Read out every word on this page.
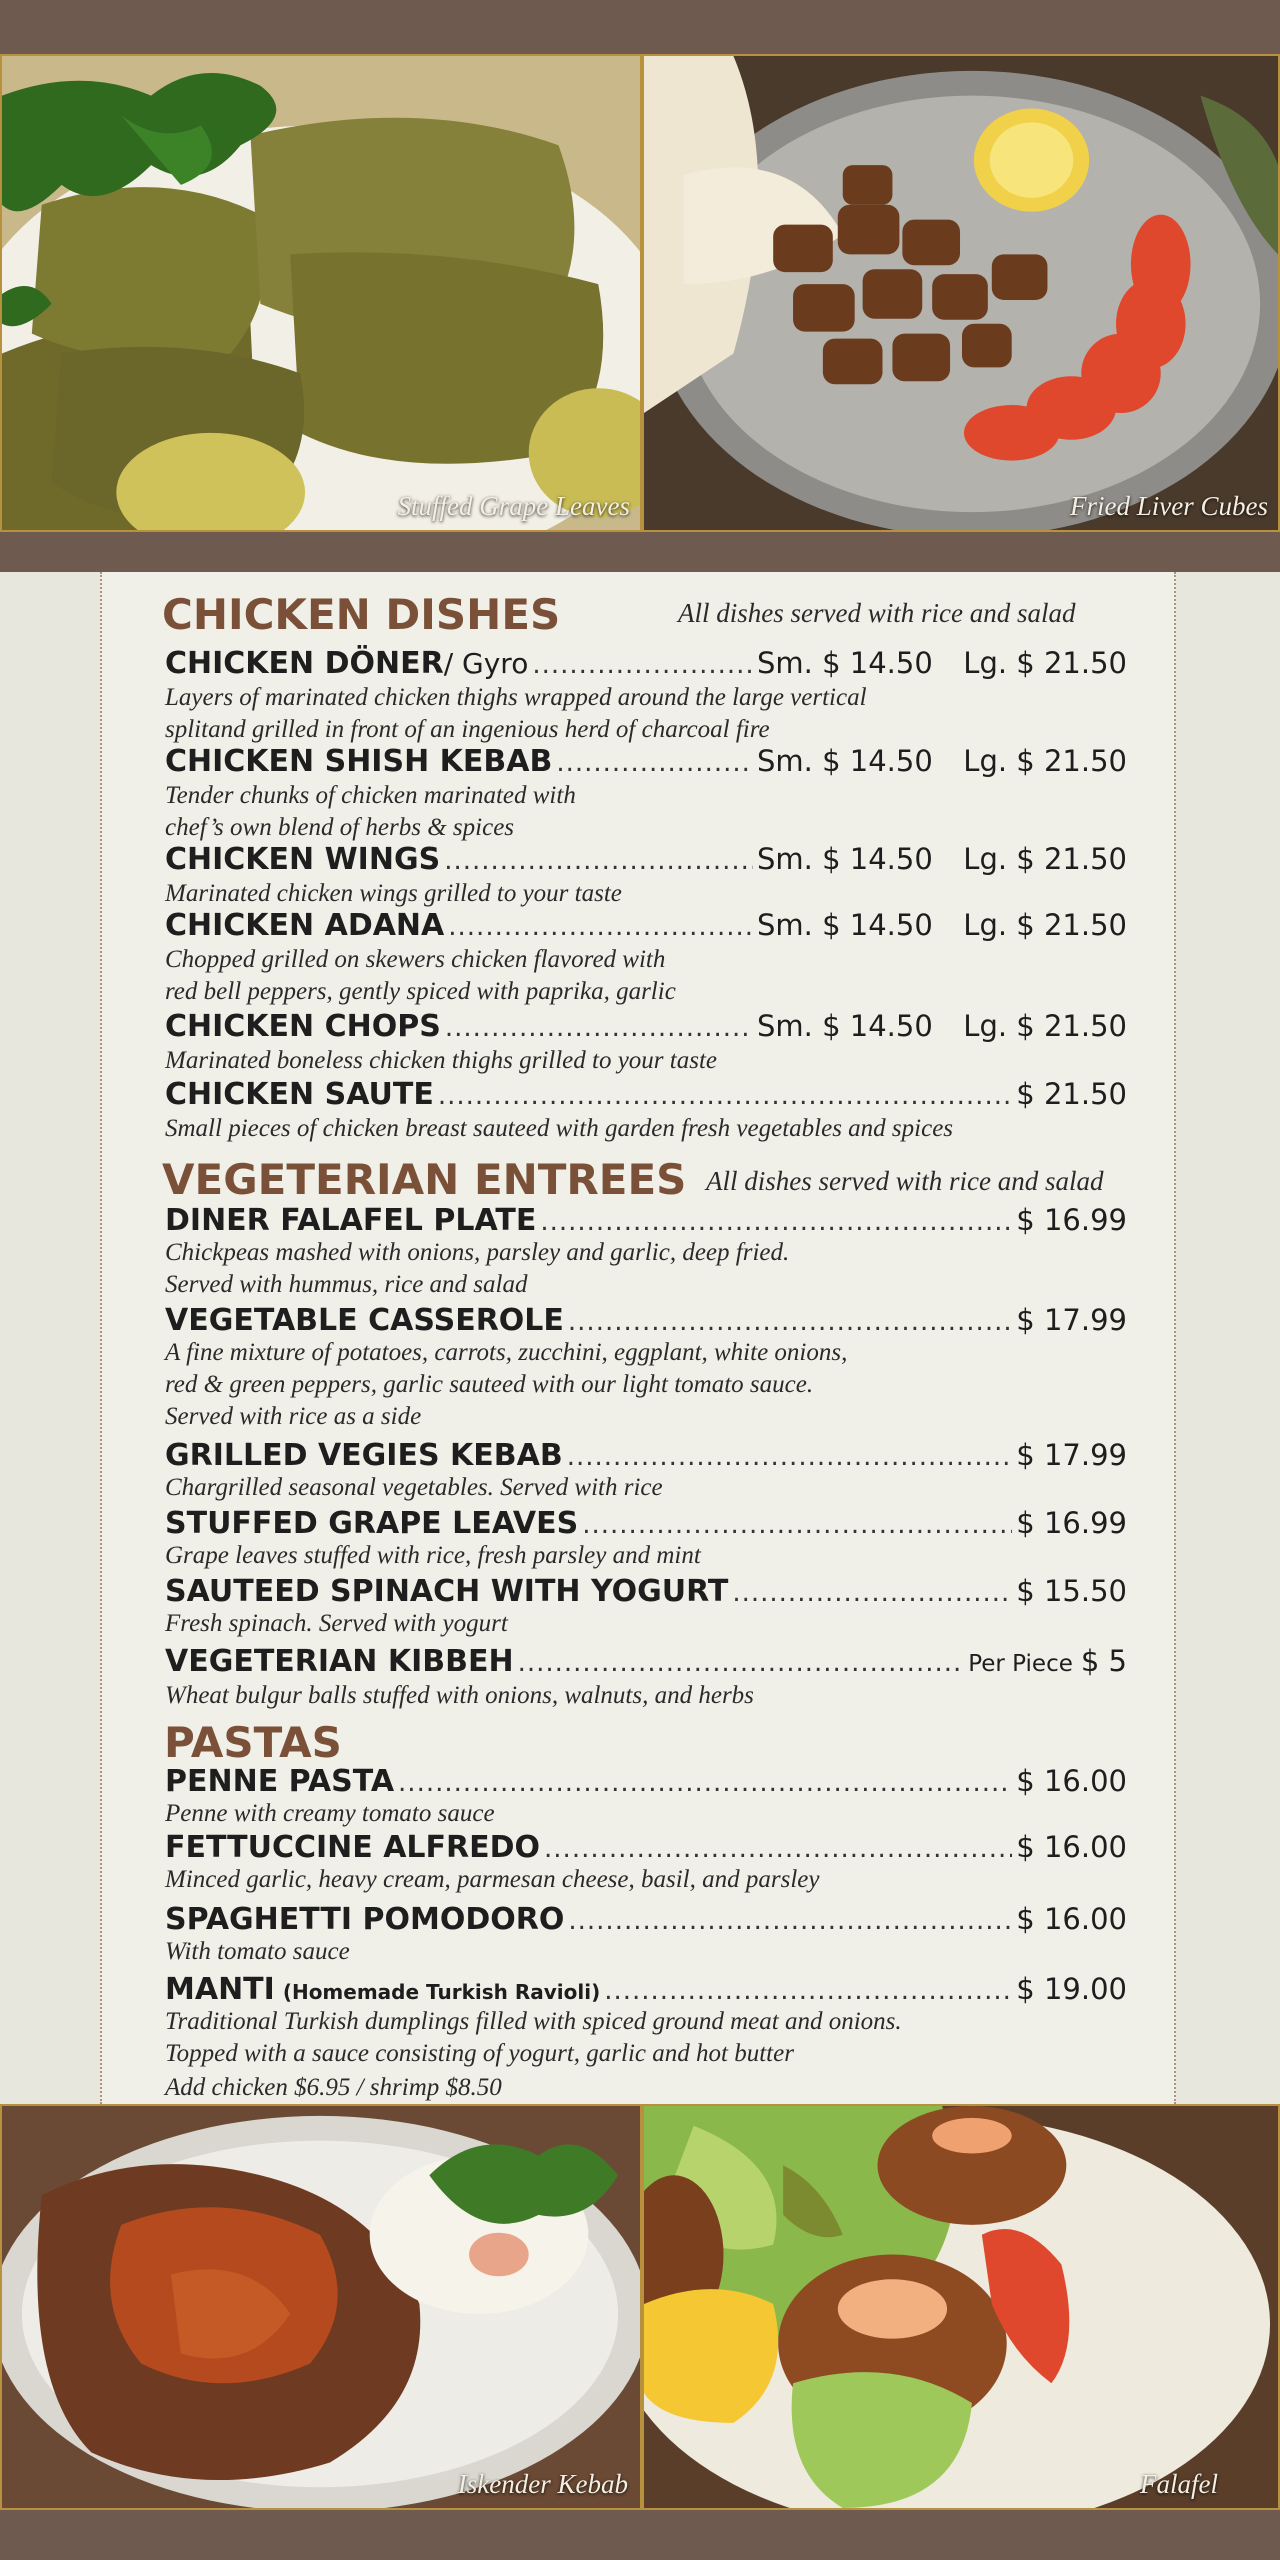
Stuffed Grape Leaves	Fried Liver Cubes
CHICKEN DISHES	All dishes served with rice and salad
CHICKEN DÖNER / Gyro .....	Sm. $ 14.50	Lg. $ 21.50
Layers of marinated chicken thighs wrapped around the large vertical
splitand grilled in front of an ingenious herd of charcoal fire
CHICKEN SHISH KEBAB .....	Sm. $ 14.50	Lg. $ 21.50
Tender chunks of chicken marinated with
chef’s own blend of herbs & spices
CHICKEN WINGS .....	Sm. $ 14.50	Lg. $ 21.50
Marinated chicken wings grilled to your taste
CHICKEN ADANA .....	Sm. $ 14.50	Lg. $ 21.50
Chopped grilled on skewers chicken flavored with
red bell peppers, gently spiced with paprika, garlic
CHICKEN CHOPS .....	Sm. $ 14.50	Lg. $ 21.50
Marinated boneless chicken thighs grilled to your taste
CHICKEN SAUTE .....	$ 21.50
Small pieces of chicken breast sauteed with garden fresh vegetables and spices
VEGETERIAN ENTREES All dishes served with rice and salad
DINER FALAFEL PLATE .....	$ 16.99
Chickpeas mashed with onions, parsley and garlic, deep fried.
Served with hummus, rice and salad
VEGETABLE CASSEROLE .....	$ 17.99
A fine mixture of potatoes, carrots, zucchini, eggplant, white onions,
red & green peppers, garlic sauteed with our light tomato sauce.
Served with rice as a side
GRILLED VEGIES KEBAB .....	$ 17.99
Chargrilled seasonal vegetables. Served with rice
STUFFED GRAPE LEAVES .....	$ 16.99
Grape leaves stuffed with rice, fresh parsley and mint
SAUTEED SPINACH WITH YOGURT .....	$ 15.50
Fresh spinach. Served with yogurt
VEGETERIAN KIBBEH .....	Per Piece $ 5
Wheat bulgur balls stuffed with onions, walnuts, and herbs
PASTAS
PENNE PASTA .....	$ 16.00
Penne with creamy tomato sauce
FETTUCCINE ALFREDO .....	$ 16.00
Minced garlic, heavy cream, parmesan cheese, basil, and parsley
SPAGHETTI POMODORO .....	$ 16.00
With tomato sauce
MANTI (Homemade Turkish Ravioli) .....	$ 19.00
Traditional Turkish dumplings filled with spiced ground meat and onions.
Topped with a sauce consisting of yogurt, garlic and hot butter
Add chicken $6.95 / shrimp $8.50
Iskender Kebab	Falafel
